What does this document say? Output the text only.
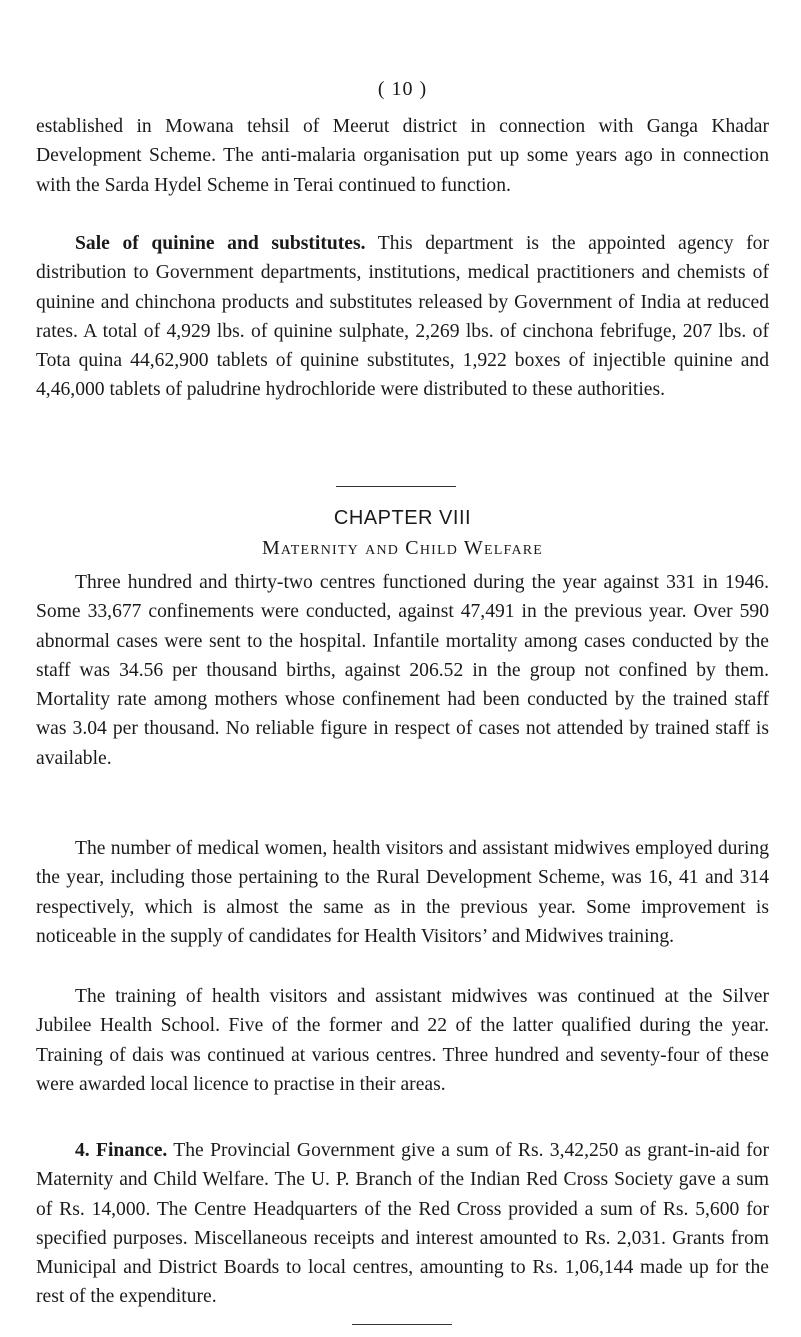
( 10 )

established in Mowana tehsil of Meerut district in connection with Ganga Khadar Development Scheme. The anti-malaria organisation put up some years ago in connection with the Sarda Hydel Scheme in Terai continued to function.

Sale of quinine and substitutes. This department is the appointed agency for distribution to Government departments, institutions, medical practitioners and chemists of quinine and chinchona products and substitutes released by Government of India at reduced rates. A total of 4,929 lbs. of quinine sulphate, 2,269 lbs. of cinchona febrifuge, 207 lbs. of Tota quina 44,62,900 tablets of quinine substitutes, 1,922 boxes of injectible quinine and 4,46,000 tablets of paludrine hydrochloride were distributed to these authorities.

CHAPTER VIII
Maternity and Child Welfare

Three hundred and thirty-two centres functioned during the year against 331 in 1946. Some 33,677 confinements were conducted, against 47,491 in the previous year. Over 590 abnormal cases were sent to the hospital. Infantile mortality among cases conducted by the staff was 34.56 per thousand births, against 206.52 in the group not confined by them. Mortality rate among mothers whose confinement had been conducted by the trained staff was 3.04 per thousand. No reliable figure in respect of cases not attended by trained staff is available.

The number of medical women, health visitors and assistant midwives employed during the year, including those pertaining to the Rural Development Scheme, was 16, 41 and 314 respectively, which is almost the same as in the previous year. Some improvement is noticeable in the supply of candidates for Health Visitors’ and Midwives training.

The training of health visitors and assistant midwives was continued at the Silver Jubilee Health School. Five of the former and 22 of the latter qualified during the year. Training of dais was continued at various centres. Three hundred and seventy-four of these were awarded local licence to practise in their areas.

4. Finance. The Provincial Government give a sum of Rs. 3,42,250 as grant-in-aid for Maternity and Child Welfare. The U. P. Branch of the Indian Red Cross Society gave a sum of Rs. 14,000. The Centre Headquarters of the Red Cross provided a sum of Rs. 5,600 for specified purposes. Miscellaneous receipts and interest amounted to Rs. 2,031. Grants from Municipal and District Boards to local centres, amounting to Rs. 1,06,144 made up for the rest of the expenditure.
